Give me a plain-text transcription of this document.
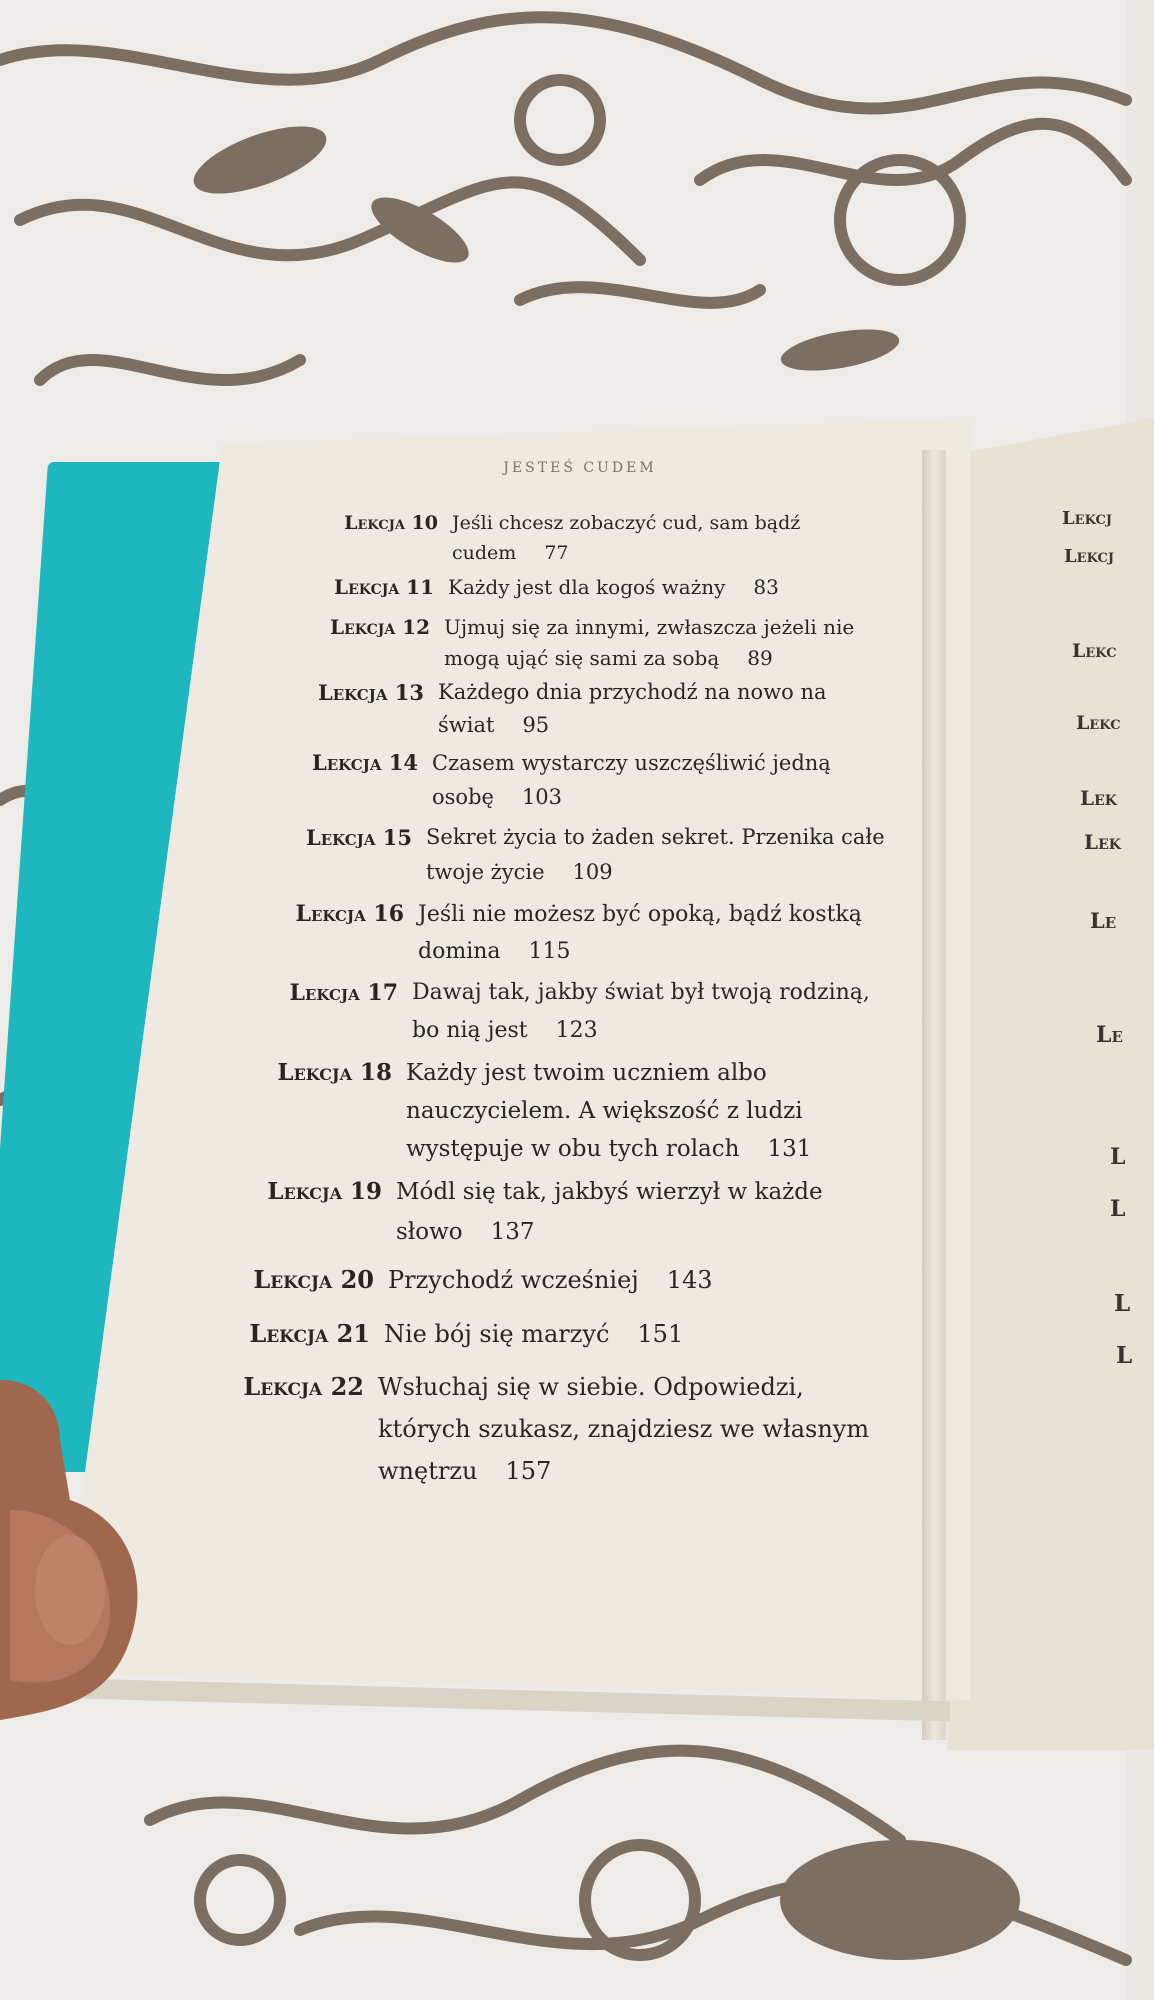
JESTEŚ CUDEM
Lekcja 10 Jeśli chcesz zobaczyć cud, sam bądź
cudem 77
Lekcja 11 Każdy jest dla kogoś ważny 83
Lekcja 12 Ujmuj się za innymi, zwłaszcza jeżeli nie
mogą ująć się sami za sobą 89
Lekcja 13 Każdego dnia przychodź na nowo na
świat 95
Lekcja 14 Czasem wystarczy uszczęśliwić jedną
osobę 103
Lekcja 15 Sekret życia to żaden sekret. Przenika całe
twoje życie 109
Lekcja 16 Jeśli nie możesz być opoką, bądź kostką
domina 115
Lekcja 17 Dawaj tak, jakby świat był twoją rodziną,
bo nią jest 123
Lekcja 18 Każdy jest twoim uczniem albo
nauczycielem. A większość z ludzi
występuje w obu tych rolach 131
Lekcja 19 Módl się tak, jakbyś wierzył w każde
słowo 137
Lekcja 20 Przychodź wcześniej 143
Lekcja 21 Nie bój się marzyć 151
Lekcja 22 Wsłuchaj się w siebie. Odpowiedzi,
których szukasz, znajdziesz we własnym
wnętrzu 157
Lekcj
Lekcj
Lekc
Lekc
Lek
Lek
Le
Le
L
L
L
L
